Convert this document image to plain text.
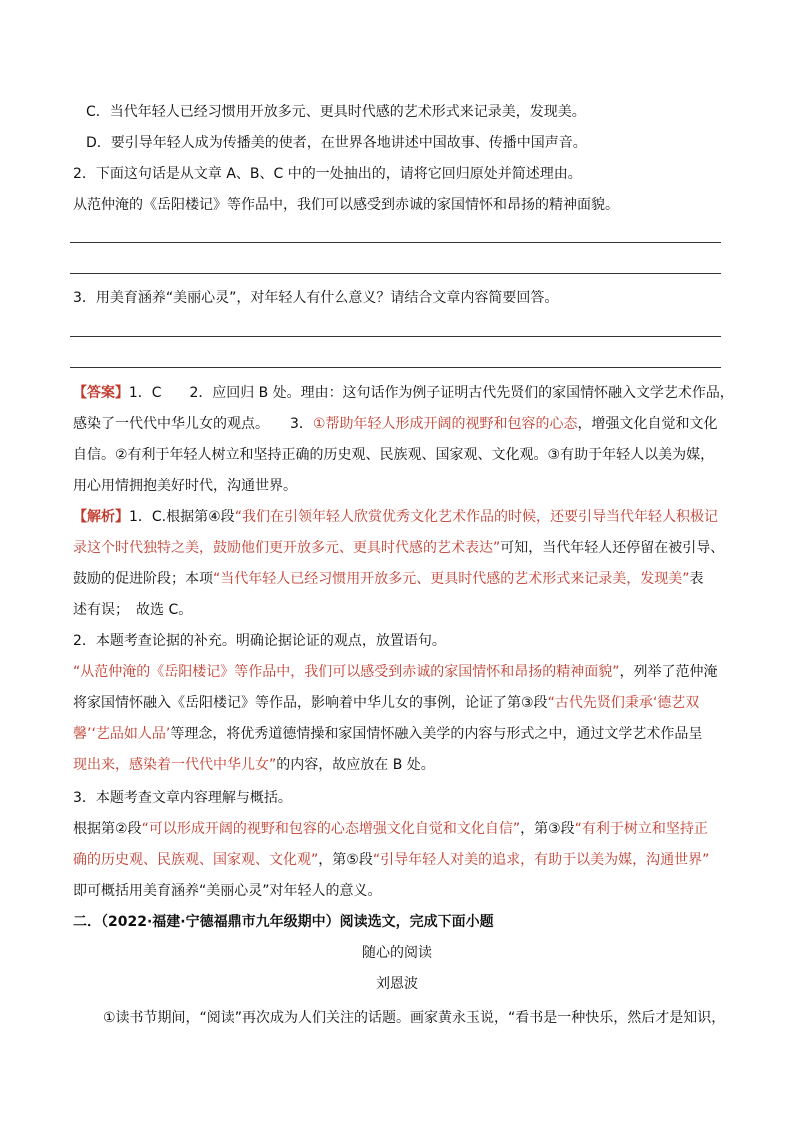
C．当代年轻人已经习惯用开放多元、更具时代感的艺术形式来记录美，发现美。
D．要引导年轻人成为传播美的使者，在世界各地讲述中国故事、传播中国声音。
2．下面这句话是从文章 A、B、C 中的一处抽出的，请将它回归原处并简述理由。
从范仲淹的《岳阳楼记》等作品中，我们可以感受到赤诚的家国情怀和昂扬的精神面貌。
3．用美育涵养“美丽心灵”，对年轻人有什么意义？请结合文章内容简要回答。
【答案】1．C　　2．应回归 B 处。理由：这句话作为例子证明古代先贤们的家国情怀融入文学艺术作品，
感染了一代代中华儿女的观点。　　3．①帮助年轻人形成开阔的视野和包容的心态，增强文化自觉和文化
自信。②有利于年轻人树立和坚持正确的历史观、民族观、国家观、文化观。③有助于年轻人以美为媒，
用心用情拥抱美好时代，沟通世界。
【解析】1．C.根据第④段“我们在引领年轻人欣赏优秀文化艺术作品的时候，还要引导当代年轻人积极记
录这个时代独特之美，鼓励他们更开放多元、更具时代感的艺术表达”可知，当代年轻人还停留在被引导、
鼓励的促进阶段；本项“当代年轻人已经习惯用开放多元、更具时代感的艺术形式来记录美，发现美”表
述有误；　故选 C。
2．本题考查论据的补充。明确论据论证的观点，放置语句。
“从范仲淹的《岳阳楼记》等作品中，我们可以感受到赤诚的家国情怀和昂扬的精神面貌”，列举了范仲淹
将家国情怀融入《岳阳楼记》等作品，影响着中华儿女的事例，论证了第③段“古代先贤们秉承‘德艺双
馨’‘艺品如人品’等理念，将优秀道德情操和家国情怀融入美学的内容与形式之中，通过文学艺术作品呈
现出来，感染着一代代中华儿女”的内容，故应放在 B 处。
3．本题考查文章内容理解与概括。
根据第②段“可以形成开阔的视野和包容的心态增强文化自觉和文化自信”，第③段“有利于树立和坚持正
确的历史观、民族观、国家观、文化观”，第⑤段“引导年轻人对美的追求，有助于以美为媒，沟通世界”
即可概括用美育涵养“美丽心灵”对年轻人的意义。
二．（2022·福建·宁德福鼎市九年级期中）阅读选文，完成下面小题
随心的阅读
刘恩波
①读书节期间，“阅读”再次成为人们关注的话题。画家黄永玉说，“看书是一种快乐，然后才是知识，
